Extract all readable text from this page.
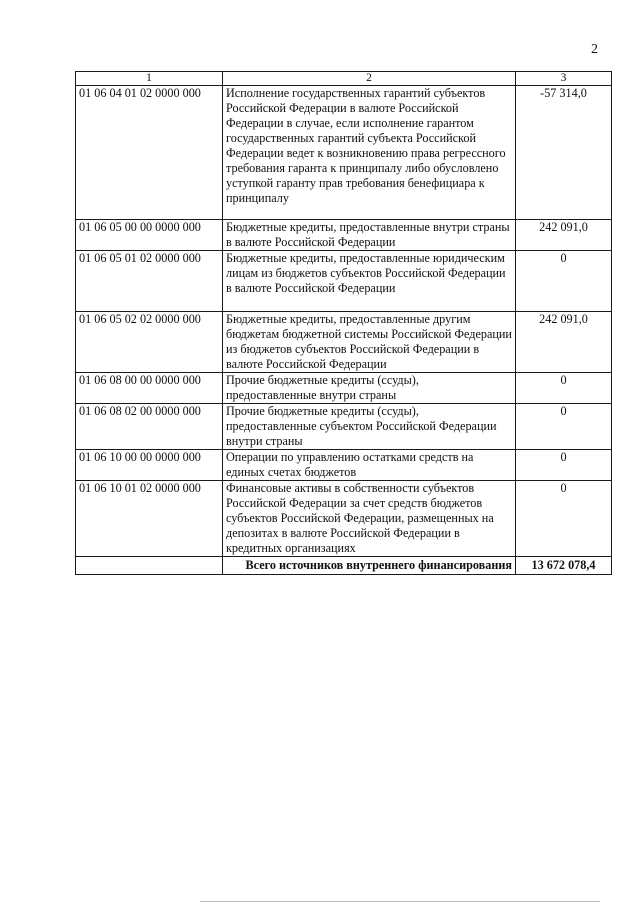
2
1	2	3
01 06 04 01 02 0000 000	Исполнение государственных гарантий субъектов Российской Федерации в валюте Российской Федерации в случае, если исполнение гарантом государственных гарантий субъекта Российской Федерации ведет к возникновению права регрессного требования гаранта к принципалу либо обусловлено уступкой гаранту прав требования бенефициара к принципалу	-57 314,0
01 06 05 00 00 0000 000	Бюджетные кредиты, предоставленные внутри страны в валюте Российской Федерации	242 091,0
01 06 05 01 02 0000 000	Бюджетные кредиты, предоставленные юридическим лицам из бюджетов субъектов Российской Федерации в валюте Российской Федерации	0
01 06 05 02 02 0000 000	Бюджетные кредиты, предоставленные другим бюджетам бюджетной системы Российской Федерации из бюджетов субъектов Российской Федерации в валюте Российской Федерации	242 091,0
01 06 08 00 00 0000 000	Прочие бюджетные кредиты (ссуды), предоставленные внутри страны	0
01 06 08 02 00 0000 000	Прочие бюджетные кредиты (ссуды), предоставленные субъектом Российской Федерации внутри страны	0
01 06 10 00 00 0000 000	Операции по управлению остатками средств на единых счетах бюджетов	0
01 06 10 01 02 0000 000	Финансовые активы в собственности субъектов Российской Федерации за счет средств бюджетов субъектов Российской Федерации, размещенных на депозитах в валюте Российской Федерации в кредитных организациях	0
	Всего источников внутреннего финансирования	13 672 078,4
